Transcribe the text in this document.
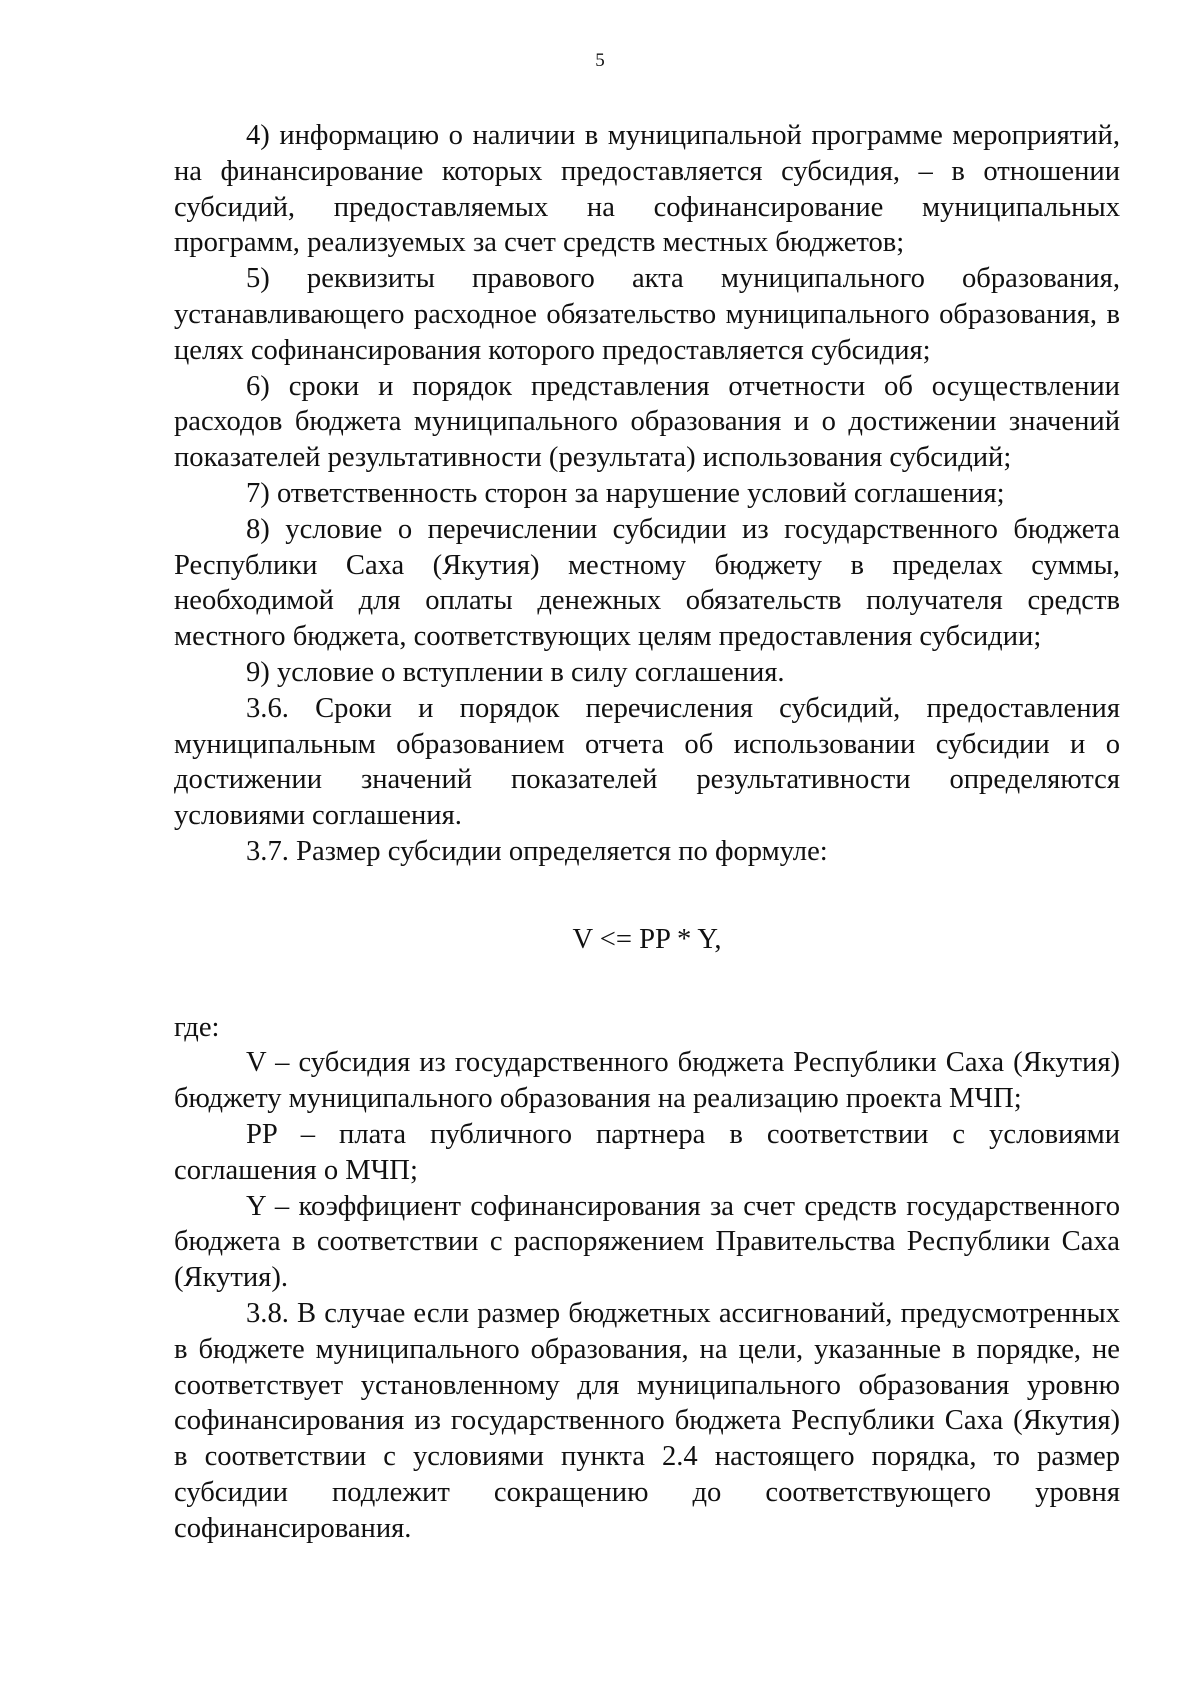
5

4) информацию о наличии в муниципальной программе мероприятий, на финансирование которых предоставляется субсидия, – в отношении субсидий, предоставляемых на софинансирование муниципальных программ, реализуемых за счет средств местных бюджетов;

5) реквизиты правового акта муниципального образования, устанавливающего расходное обязательство муниципального образования, в целях софинансирования которого предоставляется субсидия;

6) сроки и порядок представления отчетности об осуществлении расходов бюджета муниципального образования и о достижении значений показателей результативности (результата) использования субсидий;

7) ответственность сторон за нарушение условий соглашения;

8) условие о перечислении субсидии из государственного бюджета Республики Саха (Якутия) местному бюджету в пределах суммы, необходимой для оплаты денежных обязательств получателя средств местного бюджета, соответствующих целям предоставления субсидии;

9) условие о вступлении в силу соглашения.

3.6. Сроки и порядок перечисления субсидий, предоставления муниципальным образованием отчета об использовании субсидии и о достижении значений показателей результативности определяются условиями соглашения.

3.7. Размер субсидии определяется по формуле:

V <= PP * Y,

где:

V – субсидия из государственного бюджета Республики Саха (Якутия) бюджету муниципального образования на реализацию проекта МЧП;

PP – плата публичного партнера в соответствии с условиями соглашения о МЧП;

Y – коэффициент софинансирования за счет средств государственного бюджета в соответствии с распоряжением Правительства Республики Саха (Якутия).

3.8. В случае если размер бюджетных ассигнований, предусмотренных в бюджете муниципального образования, на цели, указанные в порядке, не соответствует установленному для муниципального образования уровню софинансирования из государственного бюджета Республики Саха (Якутия) в соответствии с условиями пункта 2.4 настоящего порядка, то размер субсидии подлежит сокращению до соответствующего уровня софинансирования.
